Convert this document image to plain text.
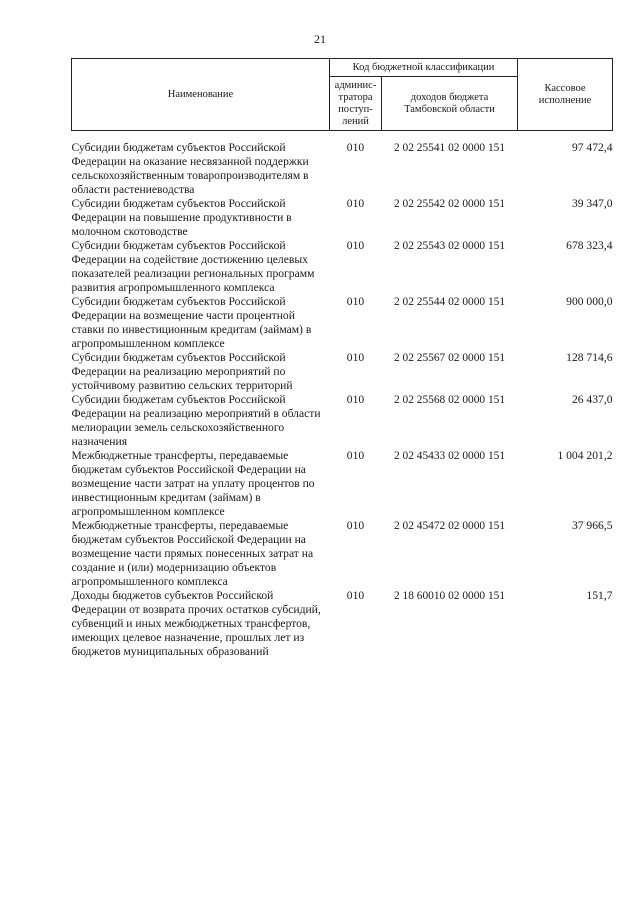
21
Наименование	Код бюджетной классификации		Кассовое исполнение
	админис-тратора поступ-лений	доходов бюджета Тамбовской области	
Субсидии бюджетам субъектов Российской Федерации на оказание несвязанной поддержки сельскохозяйственным товаропроизводителям в области растениеводства	010	2 02 25541 02 0000 151	97 472,4
Субсидии бюджетам субъектов Российской Федерации на повышение продуктивности в молочном скотоводстве	010	2 02 25542 02 0000 151	39 347,0
Субсидии бюджетам субъектов Российской Федерации на содействие достижению целевых показателей реализации региональных программ развития агропромышленного комплекса	010	2 02 25543 02 0000 151	678 323,4
Субсидии бюджетам субъектов Российской Федерации на возмещение части процентной ставки по инвестиционным кредитам (займам) в агропромышленном комплексе	010	2 02 25544 02 0000 151	900 000,0
Субсидии бюджетам субъектов Российской Федерации на реализацию мероприятий по устойчивому развитию сельских территорий	010	2 02 25567 02 0000 151	128 714,6
Субсидии бюджетам субъектов Российской Федерации на реализацию мероприятий в области мелиорации земель сельскохозяйственного назначения	010	2 02 25568 02 0000 151	26 437,0
Межбюджетные трансферты, передаваемые бюджетам субъектов Российской Федерации на возмещение части затрат на уплату процентов по инвестиционным кредитам (займам) в агропромышленном комплексе	010	2 02 45433 02 0000 151	1 004 201,2
Межбюджетные трансферты, передаваемые бюджетам субъектов Российской Федерации на возмещение части прямых понесенных затрат на создание и (или) модернизацию объектов агропромышленного комплекса	010	2 02 45472 02 0000 151	37 966,5
Доходы бюджетов субъектов Российской Федерации от возврата прочих остатков субсидий, субвенций и иных межбюджетных трансфертов, имеющих целевое назначение, прошлых лет из бюджетов муниципальных образований	010	2 18 60010 02 0000 151	151,7
